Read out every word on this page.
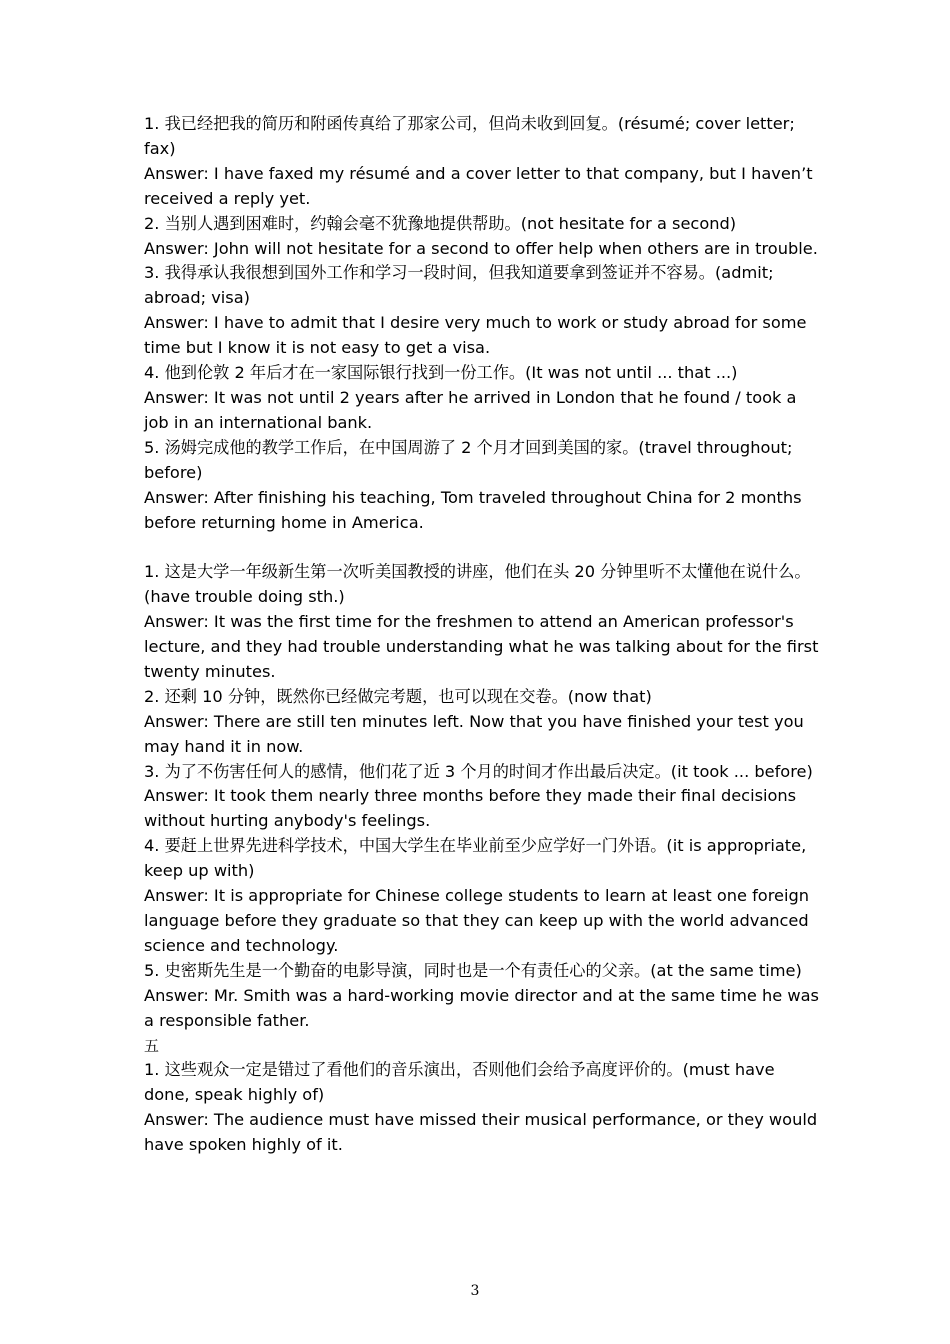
1. 我已经把我的简历和附函传真给了那家公司，但尚未收到回复。(résumé; cover letter; fax)

Answer: I have faxed my résumé and a cover letter to that company, but I haven’t received a reply yet.

2. 当别人遇到困难时，约翰会毫不犹豫地提供帮助。(not hesitate for a second)

Answer: John will not hesitate for a second to offer help when others are in trouble.

3. 我得承认我很想到国外工作和学习一段时间，但我知道要拿到签证并不容易。(admit; abroad; visa)

Answer: I have to admit that I desire very much to work or study abroad for some time but I know it is not easy to get a visa.

4. 他到伦敦 2 年后才在一家国际银行找到一份工作。(It was not until ... that ...)

Answer: It was not until 2 years after he arrived in London that he found / took a job in an international bank.

5. 汤姆完成他的教学工作后，在中国周游了 2 个月才回到美国的家。(travel throughout; before)

Answer: After finishing his teaching, Tom traveled throughout China for 2 months before returning home in America.

1. 这是大学一年级新生第一次听美国教授的讲座，他们在头 20 分钟里听不太懂他在说什么。(have trouble doing sth.)

Answer: It was the first time for the freshmen to attend an American professor's lecture, and they had trouble understanding what he was talking about for the first twenty minutes.

2. 还剩 10 分钟，既然你已经做完考题，也可以现在交卷。(now that)

Answer: There are still ten minutes left. Now that you have finished your test you may hand it in now.

3. 为了不伤害任何人的感情，他们花了近 3 个月的时间才作出最后决定。(it took ... before)

Answer: It took them nearly three months before they made their final decisions without hurting anybody's feelings.

4. 要赶上世界先进科学技术，中国大学生在毕业前至少应学好一门外语。(it is appropriate, keep up with)

Answer: It is appropriate for Chinese college students to learn at least one foreign language before they graduate so that they can keep up with the world advanced science and technology.

5. 史密斯先生是一个勤奋的电影导演，同时也是一个有责任心的父亲。(at the same time)

Answer: Mr. Smith was a hard-working movie director and at the same time he was a responsible father.

五

1. 这些观众一定是错过了看他们的音乐演出，否则他们会给予高度评价的。(must have done, speak highly of)

Answer: The audience must have missed their musical performance, or they would have spoken highly of it.

3
